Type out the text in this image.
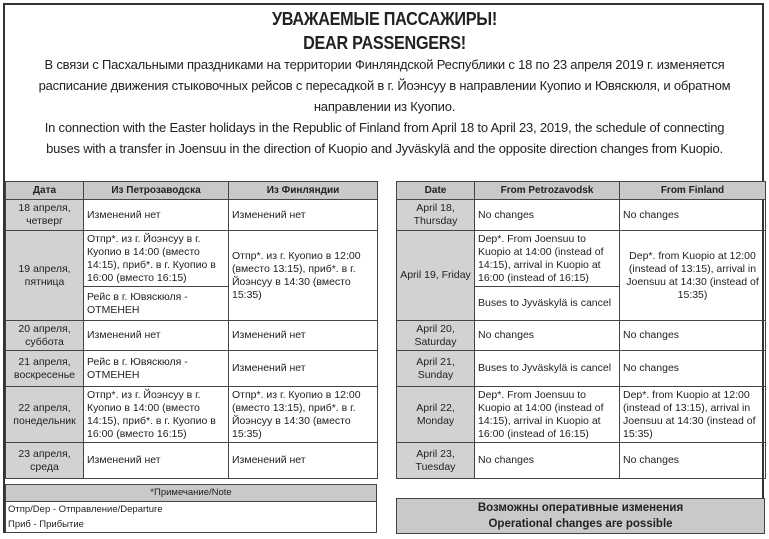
УВАЖАЕМЫЕ ПАССАЖИРЫ!
DEAR PASSENGERS!
В связи с Пасхальными праздниками на территории Финляндской Республики с 18 по 23 апреля 2019 г. изменяется расписание движения стыковочных рейсов с пересадкой в г. Йоэнсуу в направлении Куопио и Ювяскюля, и обратном направлении из Куопио.
In connection with the Easter holidays in the Republic of Finland from April 18 to April 23, 2019, the schedule of connecting buses with a transfer in Joensuu in the direction of Kuopio and Jyväskylä and the opposite direction changes from Kuopio.
Дата	Из Петрозаводска	Из Финляндии
18 апреля, четверг	Изменений нет	Изменений нет
19 апреля, пятница	Отпр*. из г. Йоэнсуу в г. Куопио в 14:00 (вместо 14:15), приб*. в г. Куопио в 16:00 (вместо 16:15)	Отпр*. из г. Куопио в 12:00 (вместо 13:15), приб*. в г. Йоэнсуу в 14:30 (вместо 15:35)
	Рейс в г. Ювяскюля - ОТМЕНЕН	
20 апреля, суббота	Изменений нет	Изменений нет
21 апреля, воскресенье	Рейс в г. Ювяскюля - ОТМЕНЕН	Изменений нет
22 апреля, понедельник	Отпр*. из г. Йоэнсуу в г. Куопио в 14:00 (вместо 14:15), приб*. в г. Куопио в 16:00 (вместо 16:15)	Отпр*. из г. Куопио в 12:00 (вместо 13:15), приб*. в г. Йоэнсуу в 14:30 (вместо 15:35)
23 апреля, среда	Изменений нет	Изменений нет
Date	From Petrozavodsk	From Finland
April 18, Thursday	No changes	No changes
April 19, Friday	Dep*. From Joensuu to Kuopio at 14:00 (instead of 14:15), arrival in Kuopio at 16:00 (instead of 16:15)	Dep*. from Kuopio at 12:00 (instead of 13:15), arrival in Joensuu at 14:30 (instead of 15:35)
	Buses to Jyväskylä is cancel	
April 20, Saturday	No changes	No changes
April 21, Sunday	Buses to Jyväskylä is cancel	No changes
April 22, Monday	Dep*. From Joensuu to Kuopio at 14:00 (instead of 14:15), arrival in Kuopio at 16:00 (instead of 16:15)	Dep*. from Kuopio at 12:00 (instead of 13:15), arrival in Joensuu at 14:30 (instead of 15:35)
April 23, Tuesday	No changes	No changes
*Примечание/Note
Отпр/Dep - Отправление/Departure
Приб - Прибытие
Возможны оперативные изменения
Operational changes are possible
